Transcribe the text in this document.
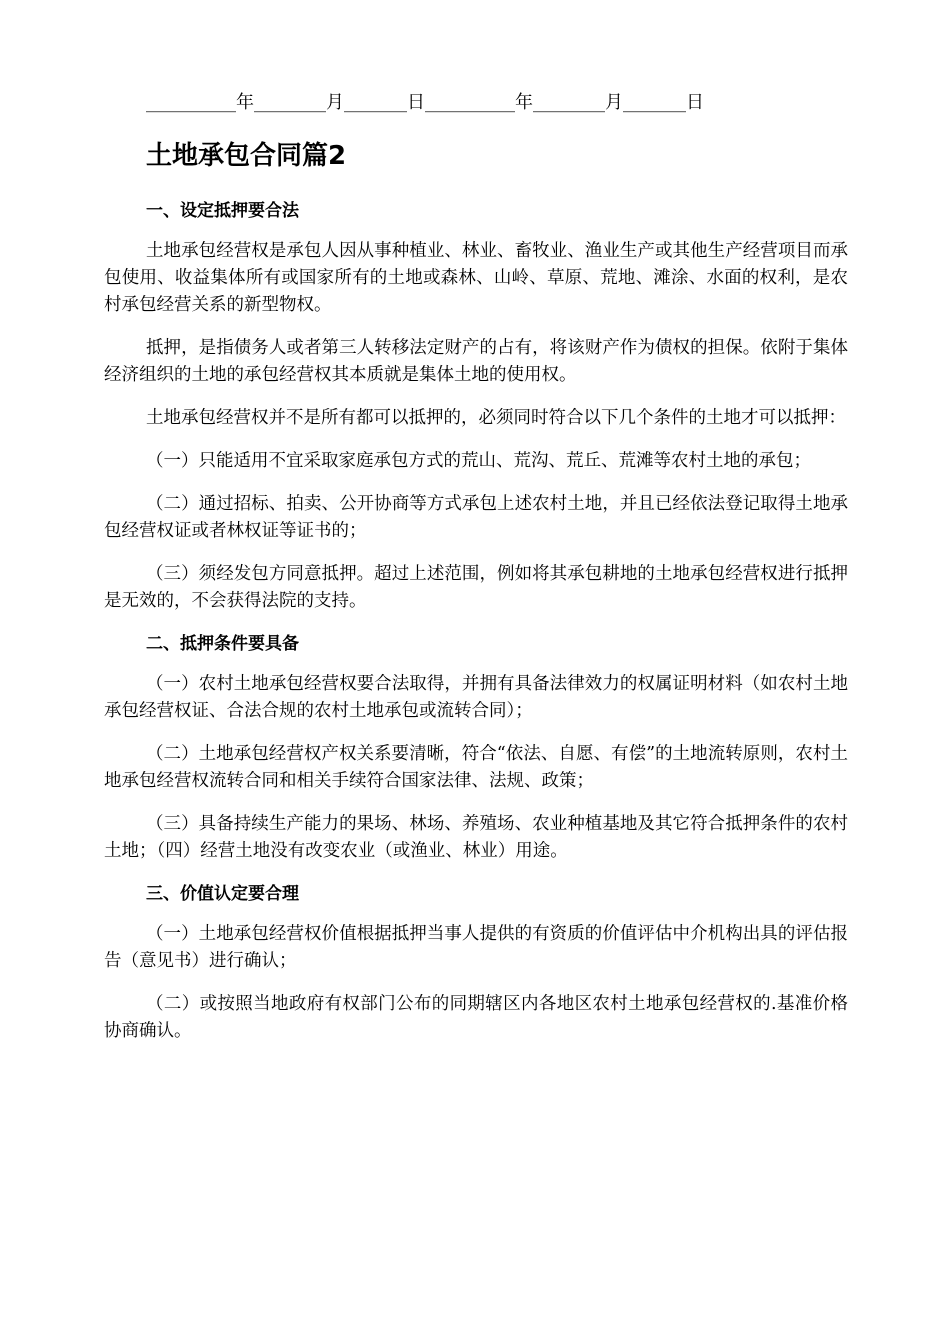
__________年________月_______日__________年________月_______日
土地承包合同篇2
一、设定抵押要合法

土地承包经营权是承包人因从事种植业、林业、畜牧业、渔业生产或其他生产经营项目而承包使用、收益集体所有或国家所有的土地或森林、山岭、草原、荒地、滩涂、水面的权利，是农村承包经营关系的新型物权。

抵押，是指债务人或者第三人转移法定财产的占有，将该财产作为债权的担保。依附于集体经济组织的土地的承包经营权其本质就是集体土地的使用权。

土地承包经营权并不是所有都可以抵押的，必须同时符合以下几个条件的土地才可以抵押：

（一）只能适用不宜采取家庭承包方式的荒山、荒沟、荒丘、荒滩等农村土地的承包；

（二）通过招标、拍卖、公开协商等方式承包上述农村土地，并且已经依法登记取得土地承包经营权证或者林权证等证书的；

（三）须经发包方同意抵押。超过上述范围，例如将其承包耕地的土地承包经营权进行抵押是无效的，不会获得法院的支持。

二、抵押条件要具备

（一）农村土地承包经营权要合法取得，并拥有具备法律效力的权属证明材料（如农村土地承包经营权证、合法合规的农村土地承包或流转合同）；

（二）土地承包经营权产权关系要清晰，符合“依法、自愿、有偿”的土地流转原则，农村土地承包经营权流转合同和相关手续符合国家法律、法规、政策；

（三）具备持续生产能力的果场、林场、养殖场、农业种植基地及其它符合抵押条件的农村土地；（四）经营土地没有改变农业（或渔业、林业）用途。

三、价值认定要合理

（一）土地承包经营权价值根据抵押当事人提供的有资质的价值评估中介机构出具的评估报告（意见书）进行确认；

（二）或按照当地政府有权部门公布的同期辖区内各地区农村土地承包经营权的.基准价格协商确认。
